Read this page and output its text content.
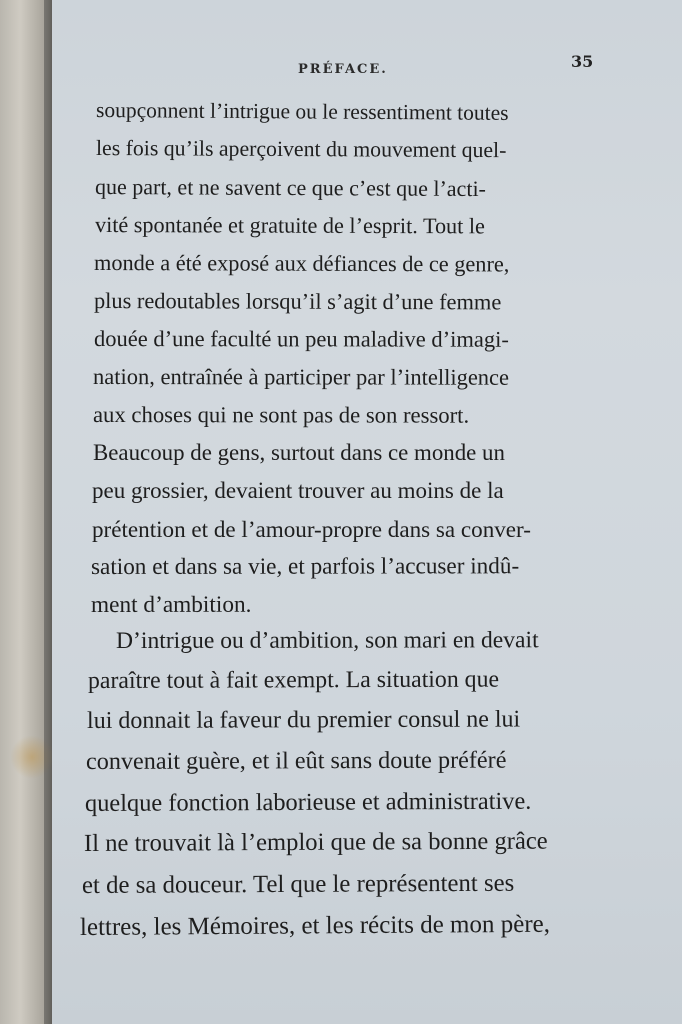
PRÉFACE.	35
soupçonnent l’intrigue ou le ressentiment toutes
les fois qu’ils aperçoivent du mouvement quel-
que part, et ne savent ce que c’est que l’acti-
vité spontanée et gratuite de l’esprit. Tout le
monde a été exposé aux défiances de ce genre,
plus redoutables lorsqu’il s’agit d’une femme
douée d’une faculté un peu maladive d’imagi-
nation, entraînée à participer par l’intelligence
aux choses qui ne sont pas de son ressort.
Beaucoup de gens, surtout dans ce monde un
peu grossier, devaient trouver au moins de la
prétention et de l’amour-propre dans sa conver-
sation et dans sa vie, et parfois l’accuser indû-
ment d’ambition.
D’intrigue ou d’ambition, son mari en devait
paraître tout à fait exempt. La situation que
lui donnait la faveur du premier consul ne lui
convenait guère, et il eût sans doute préféré
quelque fonction laborieuse et administrative.
Il ne trouvait là l’emploi que de sa bonne grâce
et de sa douceur. Tel que le représentent ses
lettres, les Mémoires, et les récits de mon père,
